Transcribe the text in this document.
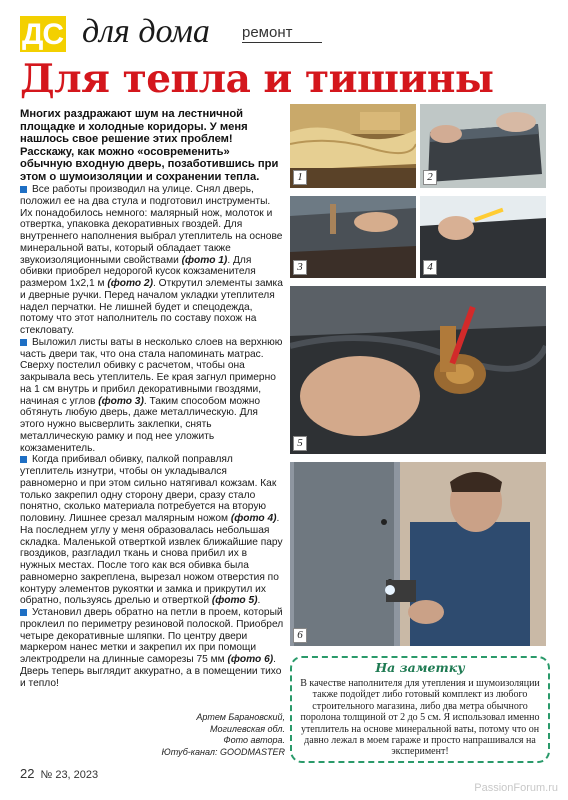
ДС для дома ремонт
Для тепла и тишины
Многих раздражают шум на лестничной площадке и холодные коридоры. У меня нашлось свое решение этих проблем! Расскажу, как можно «осовременить» обычную входную дверь, позаботившись при этом о шумоизоляции и сохранении тепла.

Все работы производил на улице. Снял дверь, положил ее на два стула и подготовил инструменты. Их понадобилось немного: малярный нож, молоток и отвертка, упаковка декоративных гвоздей. Для внутреннего наполнения выбрал утеплитель на основе минеральной ваты, который обладает также звукоизоляционными свойствами (фото 1). Для обивки приобрел недорогой кусок кожзаменителя размером 1х2,1 м (фото 2). Открутил элементы замка и дверные ручки. Перед началом укладки утеплителя надел перчатки. Не лишней будет и спецодежда, потому что этот наполнитель по составу похож на стекловату.

Выложил листы ваты в несколько слоев на верхнюю часть двери так, что она стала напоминать матрас. Сверху постелил обивку с расчетом, чтобы она закрывала весь утеплитель. Ее края загнул примерно на 1 см внутрь и прибил декоративными гвоздями, начиная с углов (фото 3). Таким способом можно обтянуть любую дверь, даже металлическую. Для этого нужно высверлить заклепки, снять металлическую рамку и под нее уложить кожзаменитель.

Когда прибивал обивку, палкой поправлял утеплитель изнутри, чтобы он укладывался равномерно и при этом сильно натягивал кожзам. Как только закрепил одну сторону двери, сразу стало понятно, сколько материала потребуется на вторую половину. Лишнее срезал малярным ножом (фото 4). На последнем углу у меня образовалась небольшая складка. Маленькой отверткой извлек ближайшие пару гвоздиков, разгладил ткань и снова прибил их в нужных местах. После того как вся обивка была равномерно закреплена, вырезал ножом отверстия по контуру элементов рукоятки и замка и прикрутил их обратно, пользуясь дрелью и отверткой (фото 5).

Установил дверь обратно на петли в проем, который проклеил по периметру резиновой полоской. Приобрел четыре декоративные шляпки. По центру двери маркером нанес метки и закрепил их при помощи электродрели на длинные саморезы 75 мм (фото 6). Дверь теперь выглядит аккуратно, а в помещении тихо и тепло!

Артем Барановский,
Могилевская обл.
Фото автора.
Ютуб-канал: GOODMASTER
1	2
3	4
5
6
На заметку
В качестве наполнителя для утепления и шумоизоляции также подойдет либо готовый комплект из любого строительного магазина, либо два метра обычного поролона толщиной от 2 до 5 см. Я использовал именно утеплитель на основе минеральной ваты, потому что он давно лежал в моем гараже и просто напрашивался на эксперимент!
22 № 23, 2023
PassionForum.ru
